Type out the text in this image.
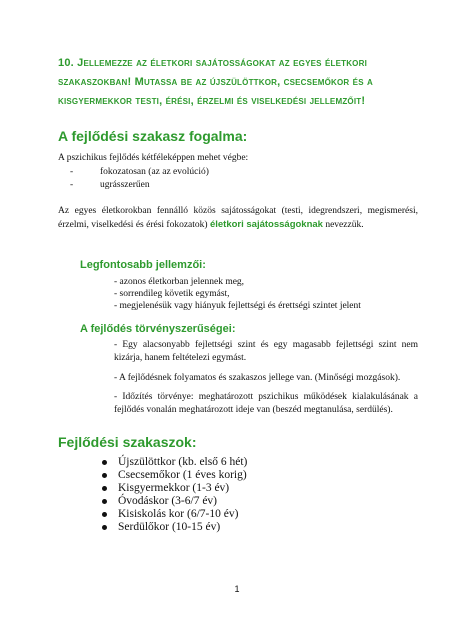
10. Jellemezze az életkori sajátosságokat az egyes életkori szakaszokban! Mutassa be az újszülöttkor, csecsemőkor és a kisgyermekkor testi, érési, érzelmi és viselkedési jellemzőit!
A fejlődési szakasz fogalma:
A pszichikus fejlődés kétféleképpen mehet végbe:
- fokozatosan (az az evolúció)
- ugrásszerűen
Az egyes életkorokban fennálló közös sajátosságokat (testi, idegrendszeri, megismerési, érzelmi, viselkedési és érési fokozatok) életkori sajátosságoknak nevezzük.
Legfontosabb jellemzői:
- azonos életkorban jelennek meg,
- sorrendileg követik egymást,
- megjelenésük vagy hiányuk fejlettségi és érettségi szintet jelent
A fejlődés törvényszerűségei:
- Egy alacsonyabb fejlettségi szint és egy magasabb fejlettségi szint nem kizárja, hanem feltételezi egymást.
- A fejlődésnek folyamatos és szakaszos jellege van. (Minőségi mozgások).
- Időzítés törvénye: meghatározott pszichikus működések kialakulásának a fejlődés vonalán meghatározott ideje van (beszéd megtanulása, serdülés).
Fejlődési szakaszok:
Újszülöttkor (kb. első 6 hét)
Csecsemőkor (1 éves korig)
Kisgyermekkor (1-3 év)
Óvodáskor (3-6/7 év)
Kisiskolás kor (6/7-10 év)
Serdülőkor (10-15 év)
1
